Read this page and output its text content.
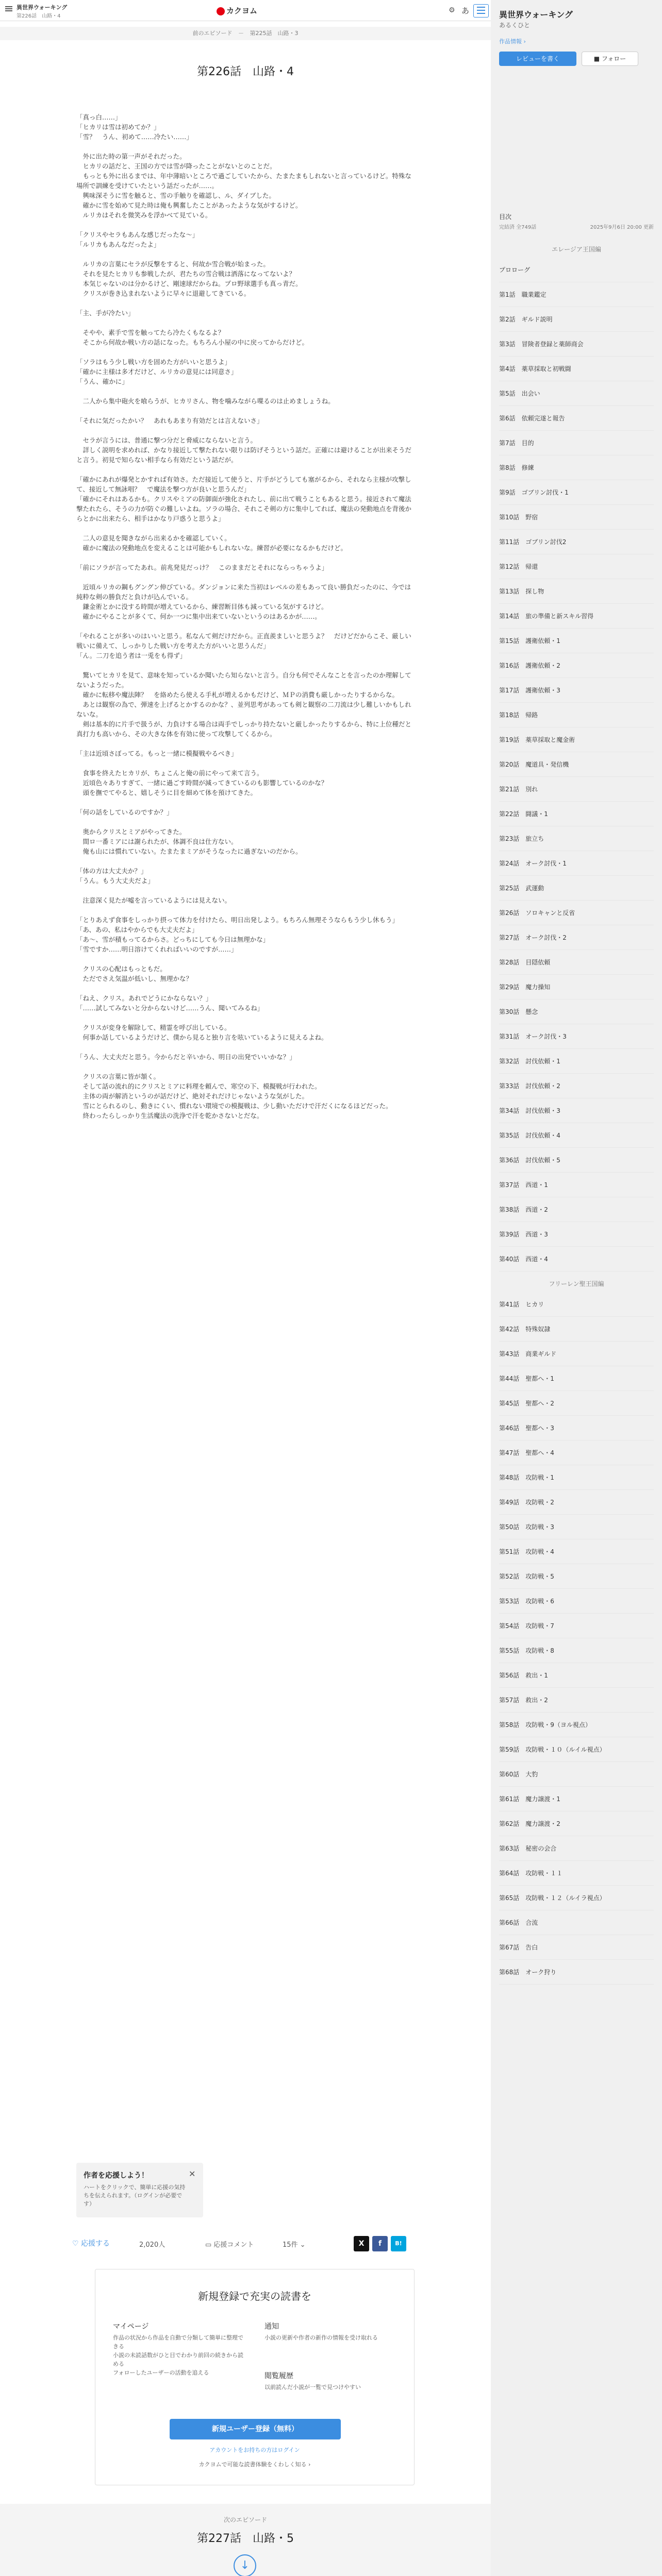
異世界ウォーキング
第226話　山路・4
カクヨム	⚙ あ
前のエピソード － 第225話　山路・3
第226話　山路・4

「真っ白……」
「ヒカリは雪は初めてか？」
「雪？　うん、初めて……冷たい……」

　外に出た時の第一声がそれだった。
　ヒカリの話だと、王国の方では雪が降ったことがないとのことだ。
　もっとも外に出るまでは、年中薄暗いところで過ごしていたから、たまたまもしれないと言っているけど。特殊な場所で訓練を受けていたという話だったが……。
　興味深そうに雪を触ると、雪の手触りを確認し、ル、ダイブした。
　確かに雪を始めて見た時は俺も興奮したことがあったような気がするけど。
　ルリカはそれを微笑みを浮かべて見ている。

「クリスやセラもあんな感じだったな～」
「ルリカもあんなだったよ」

　ルリカの言葉にセラが反撃をすると、何故か雪合戦が始まった。
　それを見たヒカリも参戦したが、君たちの雪合戦は洒落になってないよ？
　本気じゃないのは分かるけど、剛速球だからね。プロ野球選手も真っ青だ。
　クリスが巻き込まれないように早々に退避してきている。

「主、手が冷たい」

　そやや、素手で雪を触ってたら冷たくもなるよ？
　そこから何故か戦い方の話になった。もちろん小屋の中に戻ってからだけど。

「ソラはもう少し戦い方を固めた方がいいと思うよ」
「確かに主様は多才だけど、ルリカの意見には同意さ」
「うん、確かに」

　二人から集中砲火を喰らうが、ヒカリさん、物を噛みながら喋るのは止めましょうね。

「それに気だったかい？　あれもあまり有効だとは言えないさ」

　セラが言うには、普通に撃つ分だと脅威にならないと言う。
　詳しく説明を求めれば、かなり接近して撃たれない限りは防げそうという話だ。正確には避けることが出来そうだと言う。初見で知らない相手なら有効だという話だが。

「確かにあれが爆発とかすれば有効さ。ただ接近して使うと、片手がどうしても塞がるから、それなら主様が攻撃して、接近して無詠唱？　で魔法を撃つ方が良いと思うんだ」
「確かにそれはあるかも。クリスやミアの防御面が強化されたし、前に出て戦うこともあると思う。接近されて魔法撃たれたら、そうの力が防ぐの難しいよね。ソラの場合、それこそ剣の方に集中してれば、魔法の発動地点を背後からとかに出来たら、相手はかなり戸惑うと思うよ」

　二人の意見を聞きながら出来るかを確認していく。
　確かに魔法の発動地点を変えることは可能かもしれないな。練習が必要になるかもだけど。

「前にソラが言ってたあれ。前兆発見だっけ？　このままだとそれにならっちゃうよ」

　近頃ルリカの鋼もグングン伸びている。ダンジョンに来た当初はレベルの差もあって良い勝負だったのに、今では純粋な剣の勝負だと負けが込んでいる。
　鎌金術とかに没する時間が増えているから、練習断目体も減っている気がするけど。
　確かにやることが多くて、何か一つに集中出来ていないというのはあるかが……。

「やれることが多いのはいいと思う。私なんて剣だけだから。正直羨ましいと思うよ？　だけどだからこそ、厳しい戦いに備えて、しっかりした戦い方を考えた方がいいと思うんだ」
「ん。二刀を追う者は一兎をも得ず」

　驚いてヒカリを見て、意味を知っているか聞いたら知らないと言う。自分も何でそんなことを言ったのか理解してないようだった。
　確かに転移や魔法陣？　を絡めたら使える手札が増えるかもだけど、ＭＰの消費も厳しかったりするからな。
　あとは観察の為で、弾速を上げるとかするのかな？、並列思考があっても剣と観察の二刀流は少し難しいかもしれないな。
　剣は基本的に片手で扱うが、力負けする場合は両手でしっかり持たないと厳しかったりするから、特に上位種だと真打力も高いから、その大きな体を有効に使って攻撃してくるから。

「主は近頃さぼってる。もっと一緒に模擬戦やるべき」

　食事を終えたヒカリが、ちょこんと俺の前にやって来て言う。
　近頃色々ありすぎて、一緒に過ごす時間が減ってきているのも影響しているのかな？
　頭を撫でてやると、嬉しそうに目を細めて体を預けてきた。

「何の話をしているのですか？」

　奥からクリスとミアがやってきた。
　間ロ一番ミアには謝られたが、体調不良は仕方ない。
　俺も山には慣れていない。たまたまミアがそうなったに過ぎないのだから。

「体の方は大丈夫か？」
「うん。もう大丈夫だよ」

　注意深く見たが嘘を言っているようには見えない。

「とりあえず食事をしっかり摂って体力を付けたら、明日出発しよう。もちろん無理そうならもう少し休もう」
「あ、あの、私はやからでも大丈夫だよ」
「あ～、雪が積もってるからさ。どっちにしても今日は無理かな」
「雪ですか……明日溶けてくれればいいのですが……」

　クリスの心配はもっともだ。
　ただでさえ気温が低いし、無理かな？

「ねえ、クリス。あれでどうにかならない？」
「……試してみないと分からないけど……うん、聞いてみるね」

　クリスが変身を解除して、精霊を呼び出している。
　何事か話しているようだけど、僕から見ると独り言を呟いているように見えるよね。

「うん、大丈夫だと思う。今からだと辛いから、明日の出発でいいかな？」

　クリスの言葉に皆が頷く。
　そして話の流れ的にクリスとミアに料理を頼んで、寒空の下、模擬戦が行われた。
　主体の両が解消というのが話だけど、絶対それだけじゃないような気がした。
　雪にとられるのし、動きにくい、慣れない環境での模擬戦は、少し動いただけで汗だくになるほどだった。
　終わったらしっかり生活魔法の洗浄で汗を乾かさないとだな。

作者を応援しよう！
ハートをクリックで、簡単に応援の気持ちを伝えられます。（ログインが必要です）
✕
♡ 応援する	2,020人	▭ 応援コメント	15件 ⌄	X	f	B!
新規登録で充実の読書を
マイページ
作品の状況から作品を自動で分類して簡単に整理できる
小説の未読話数がひと目でわかり前回の続きから読める
フォローしたユーザーの活動を追える
通知
小説の更新や作者の新作の情報を受け取れる
閲覧履歴
以前読んだ小説が一覧で見つけやすい
新規ユーザー登録（無料）
アカウントをお持ちの方はログイン
カクヨムで可能な読書体験をくわしく知る ›
次のエピソード
第227話　山路・5
↓
異世界ウォーキング
あるくひと
作品情報 ›
レビューを書く	■ フォロー
目次
完結済 全749話	2025年9月6日 20:00 更新
エレージア王国編
プロローグ
第1話　職業鑑定
第2話　ギルド説明
第3話　冒険者登録と薬師商会
第4話　薬草採取と初戦闘
第5話　出会い
第6話　依頼完遂と報告
第7話　目的
第8話　修練
第9話　ゴブリン討伐・1
第10話　野宿
第11話　ゴブリン討伐2
第12話　帰還
第13話　探し物
第14話　旅の準備と新スキル習得
第15話　護衛依頼・1
第16話　護衛依頼・2
第17話　護衛依頼・3
第18話　帰路
第19話　薬草採取と魔金術
第20話　魔道具・発信機
第21話　別れ
第22話　闘議・1
第23話　旅立ち
第24話　オーク討伐・1
第25話　武運動
第26話　ソロキャンと反省
第27話　オーク討伐・2
第28話　目隠依頼
第29話　魔力操知
第30話　懸念
第31話　オーク討伐・3
第32話　討伐依頼・1
第33話　討伐依頼・2
第34話　討伐依頼・3
第35話　討伐依頼・4
第36話　討伐依頼・5
第37話　西道・1
第38話　西道・2
第39話　西道・3
第40話　西道・4
フリーレン聖王国編
第41話　ヒカリ
第42話　特殊奴隷
第43話　商業ギルド
第44話　聖都へ・1
第45話　聖都へ・2
第46話　聖都へ・3
第47話　聖都へ・4
第48話　攻防戦・1
第49話　攻防戦・2
第50話　攻防戦・3
第51話　攻防戦・4
第52話　攻防戦・5
第53話　攻防戦・6
第54話　攻防戦・7
第55話　攻防戦・8
第56話　救出・1
第57話　救出・2
第58話　攻防戦・9（ヨル視点）
第59話　攻防戦・１０（ルイル視点）
第60話　大豹
第61話　魔力譲渡・1
第62話　魔力譲渡・2
第63話　秘密の会合
第64話　攻防戦・１１
第65話　攻防戦・１２（ルイラ視点）
第66話　合流
第67話　告白
第68話　オーク狩り
